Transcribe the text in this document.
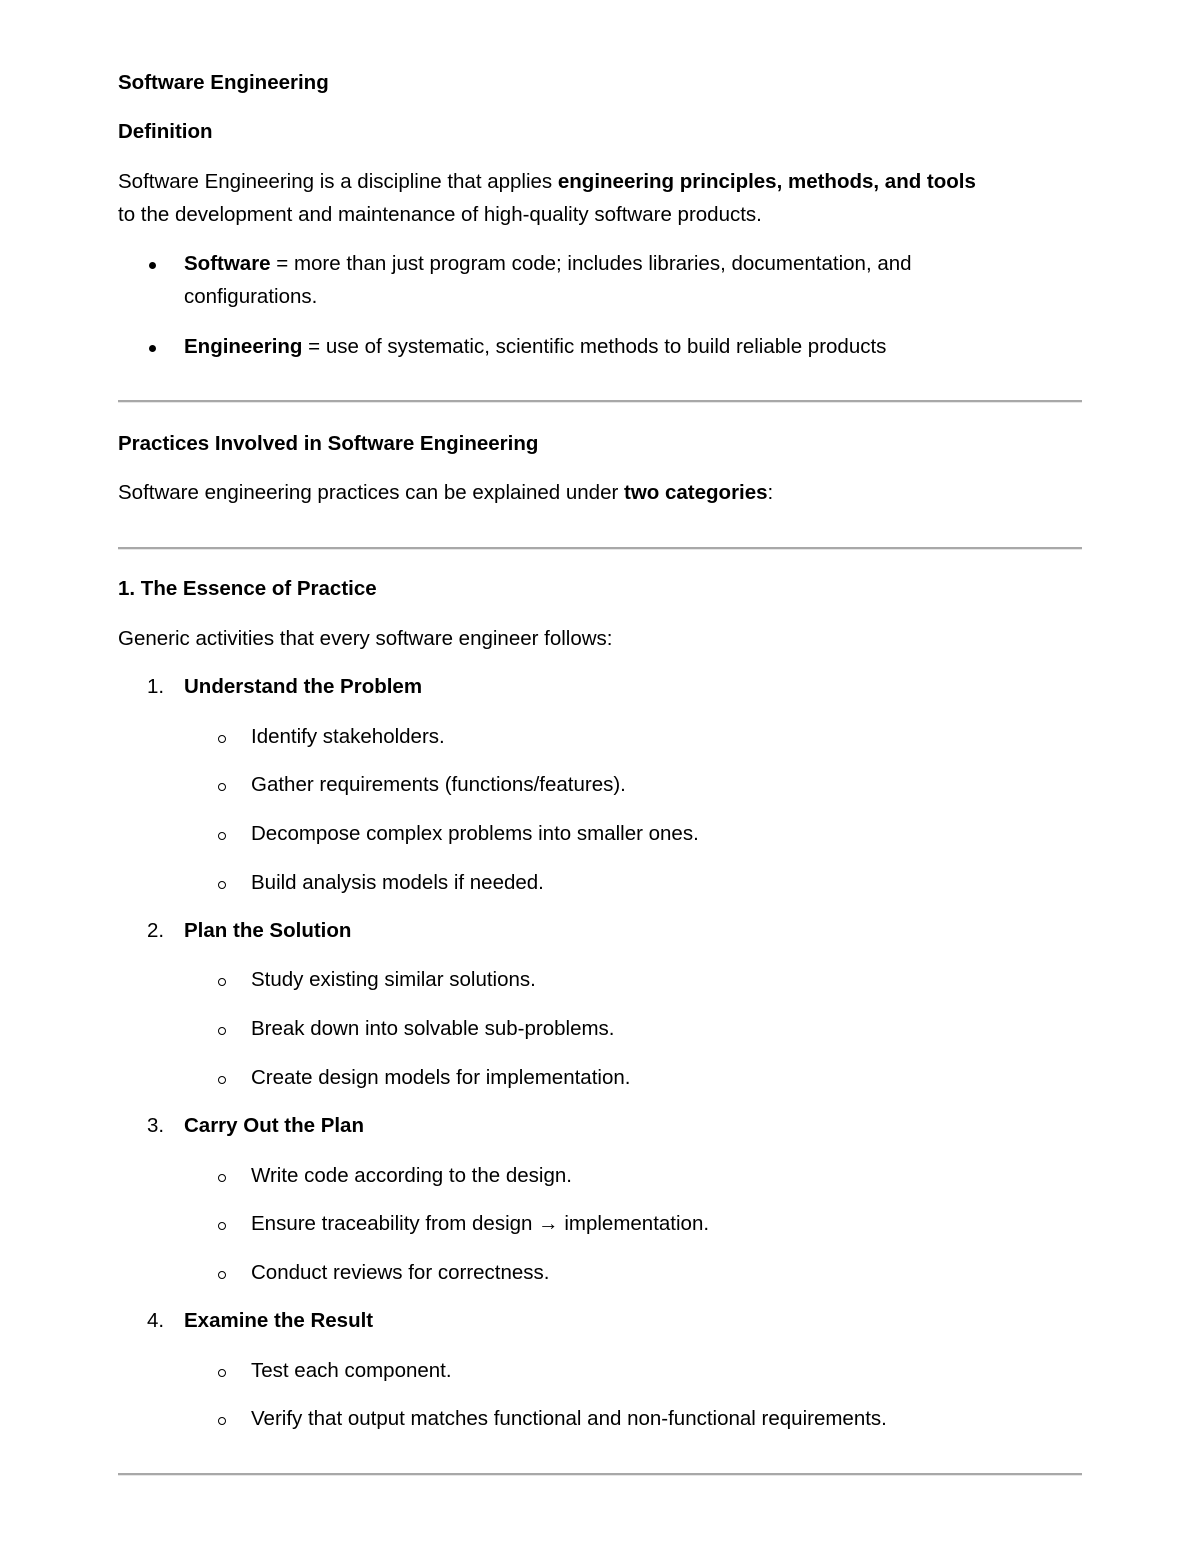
Software Engineering

Definition

Software Engineering is a discipline that applies engineering principles, methods, and tools

to the development and maintenance of high-quality software products.

Software = more than just program code; includes libraries, documentation, and

configurations.

Engineering = use of systematic, scientific methods to build reliable products

Practices Involved in Software Engineering

Software engineering practices can be explained under two categories:

1. The Essence of Practice

Generic activities that every software engineer follows:

1. Understand the Problem

Identify stakeholders.

Gather requirements (functions/features).

Decompose complex problems into smaller ones.

Build analysis models if needed.

2. Plan the Solution

Study existing similar solutions.

Break down into solvable sub-problems.

Create design models for implementation.

3. Carry Out the Plan

Write code according to the design.

Ensure traceability from design → implementation.

Conduct reviews for correctness.

4. Examine the Result

Test each component.

Verify that output matches functional and non-functional requirements.
